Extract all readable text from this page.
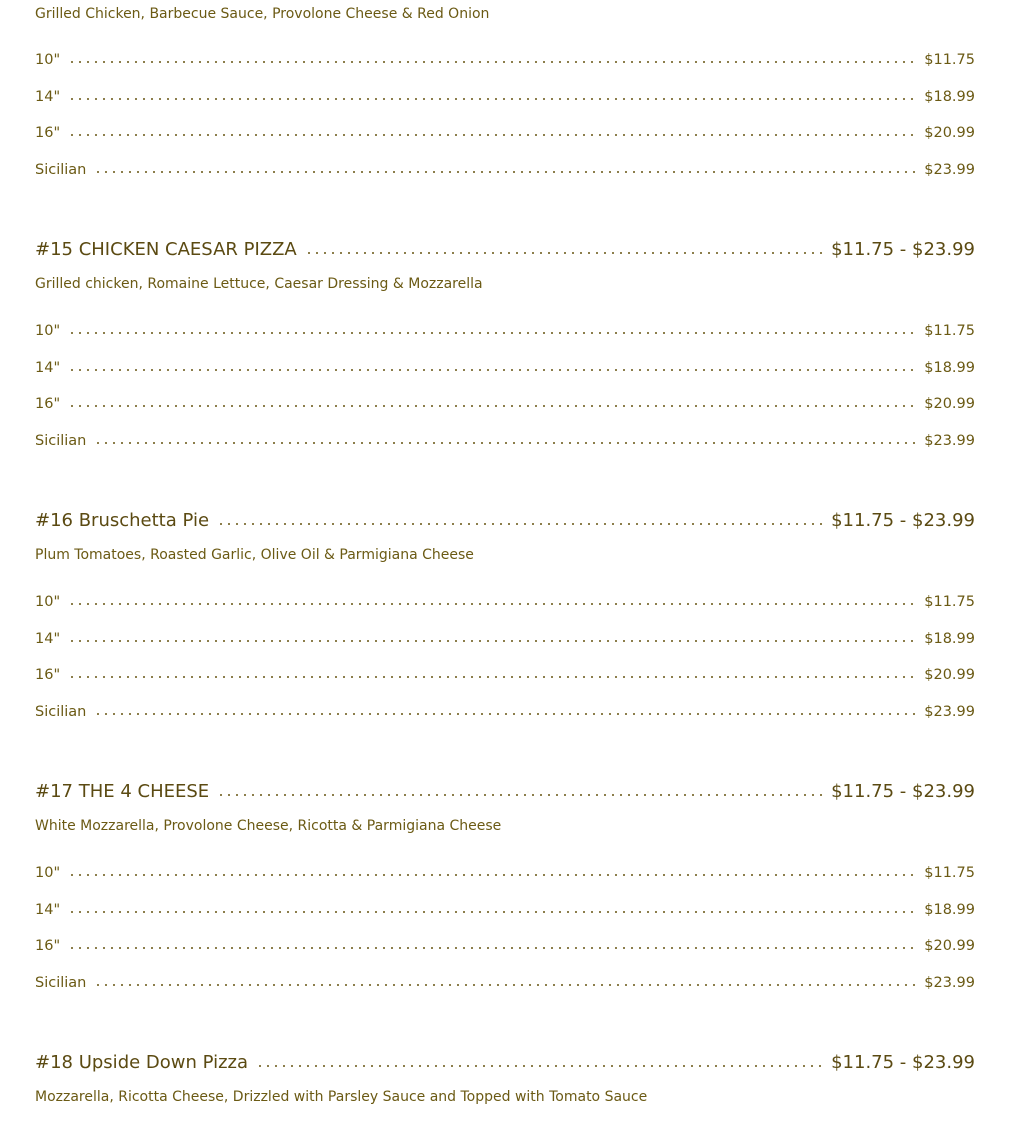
Grilled Chicken, Barbecue Sauce, Provolone Cheese & Red Onion
10"	$11.75
14"	$18.99
16"	$20.99
Sicilian	$23.99
#15 CHICKEN CAESAR PIZZA	$11.75 - $23.99
Grilled chicken, Romaine Lettuce, Caesar Dressing & Mozzarella
10"	$11.75
14"	$18.99
16"	$20.99
Sicilian	$23.99
#16 Bruschetta Pie	$11.75 - $23.99
Plum Tomatoes, Roasted Garlic, Olive Oil & Parmigiana Cheese
10"	$11.75
14"	$18.99
16"	$20.99
Sicilian	$23.99
#17 THE 4 CHEESE	$11.75 - $23.99
White Mozzarella, Provolone Cheese, Ricotta & Parmigiana Cheese
10"	$11.75
14"	$18.99
16"	$20.99
Sicilian	$23.99
#18 Upside Down Pizza	$11.75 - $23.99
Mozzarella, Ricotta Cheese, Drizzled with Parsley Sauce and Topped with Tomato Sauce
